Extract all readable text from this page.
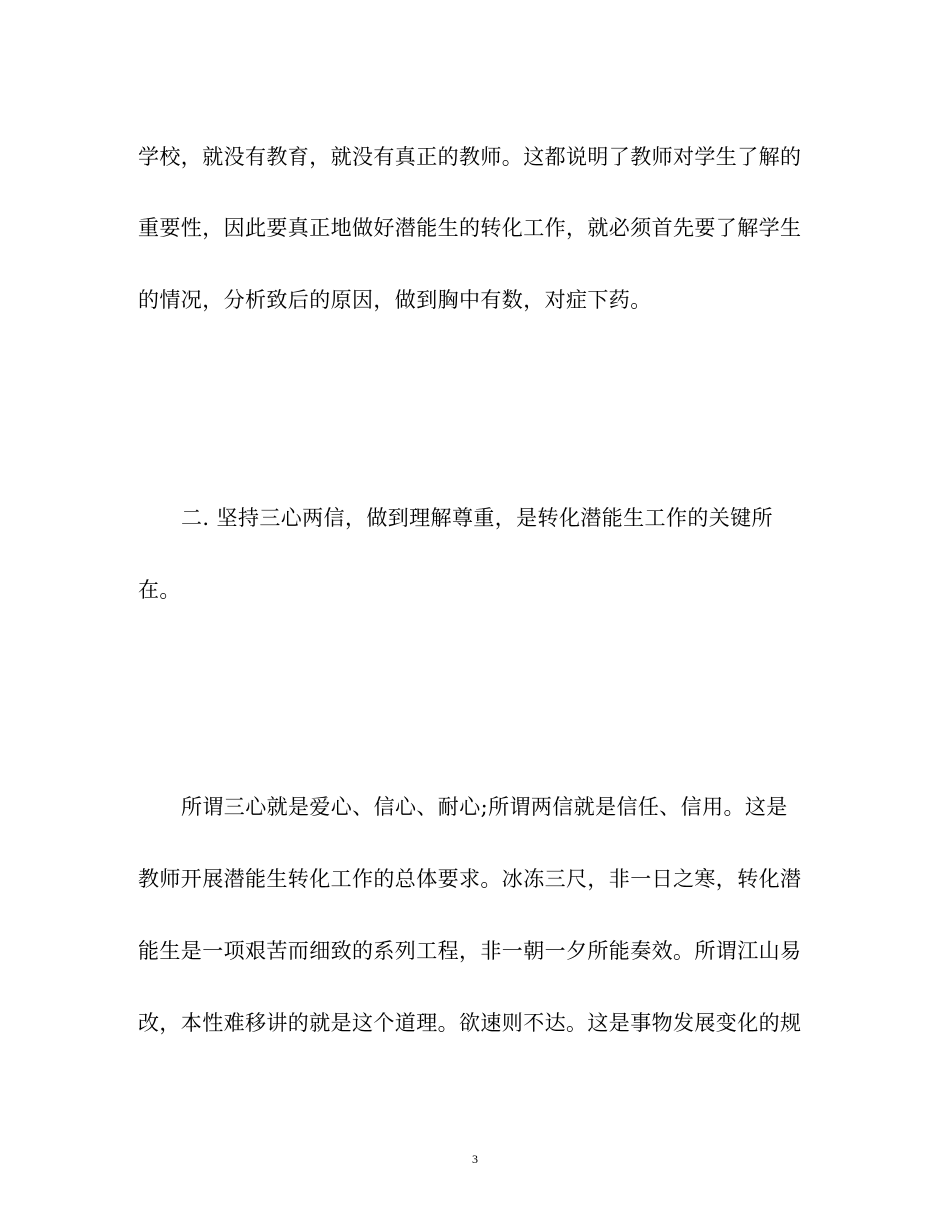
学校，就没有教育，就没有真正的教师。这都说明了教师对学生了解的
重要性，因此要真正地做好潜能生的转化工作，就必须首先要了解学生
的情况，分析致后的原因，做到胸中有数，对症下药。
二. 坚持三心两信，做到理解尊重，是转化潜能生工作的关键所
在。
所谓三心就是爱心、信心、耐心;所谓两信就是信任、信用。这是
教师开展潜能生转化工作的总体要求。冰冻三尺，非一日之寒，转化潜
能生是一项艰苦而细致的系列工程，非一朝一夕所能奏效。所谓江山易
改，本性难移讲的就是这个道理。欲速则不达。这是事物发展变化的规
3
